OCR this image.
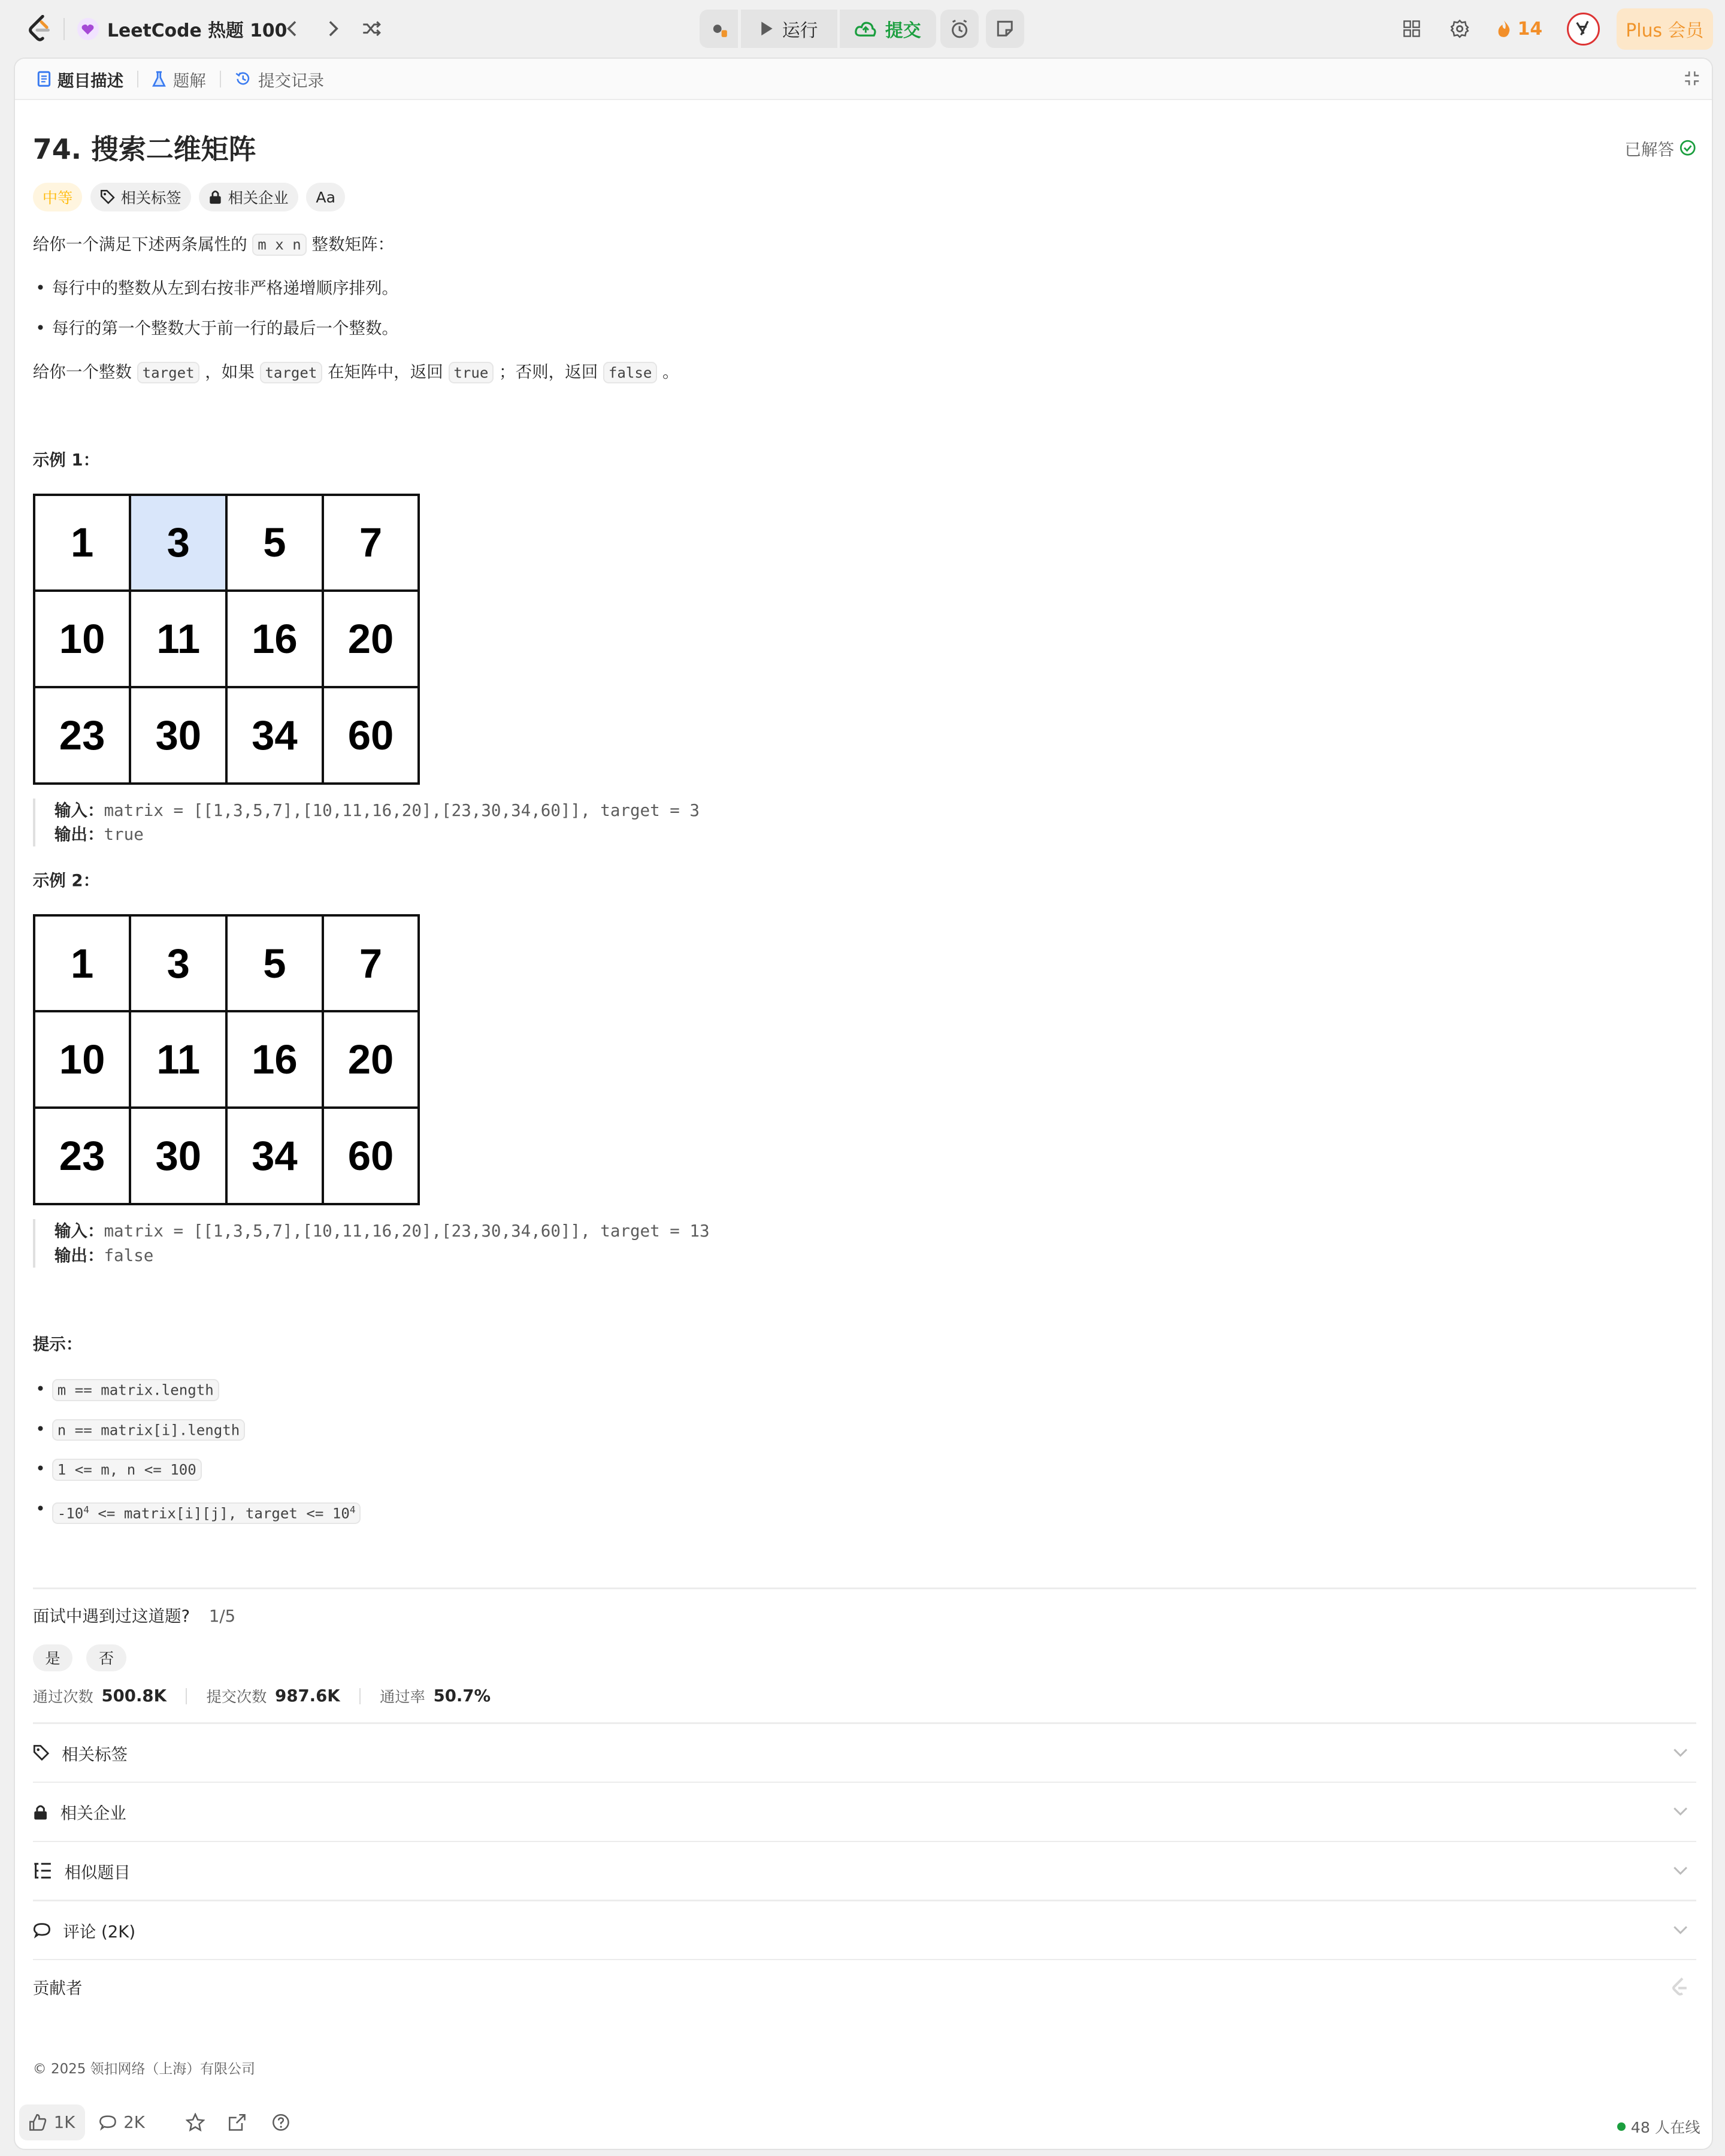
LeetCode 热题 100	运行	提交	14	Plus 会员
题目描述	题解	提交记录
74. 搜索二维矩阵	已解答
中等	相关标签	相关企业	Aa
给你一个满足下述两条属性的 m x n 整数矩阵：
• 每行中的整数从左到右按非严格递增顺序排列。
• 每行的第一个整数大于前一行的最后一个整数。
给你一个整数 target ，如果 target 在矩阵中，返回 true ；否则，返回 false 。
示例 1：
1	3	5	7
10	11	16	20
23	30	34	60
输入：matrix = [[1,3,5,7],[10,11,16,20],[23,30,34,60]], target = 3
输出：true
示例 2：
1	3	5	7
10	11	16	20
23	30	34	60
输入：matrix = [[1,3,5,7],[10,11,16,20],[23,30,34,60]], target = 13
输出：false
提示：
• m == matrix.length
• n == matrix[i].length
• 1 <= m, n <= 100
• $-10^4$ <= matrix[i][j], target <= $10^4$
面试中遇到过这道题?	1/5
是	否
通过次数 500.8K	提交次数 987.6K	通过率 50.7%
相关标签
相关企业
相似题目
评论 (2K)
贡献者
© 2025 领扣网络（上海）有限公司
1K	2K	48 人在线
